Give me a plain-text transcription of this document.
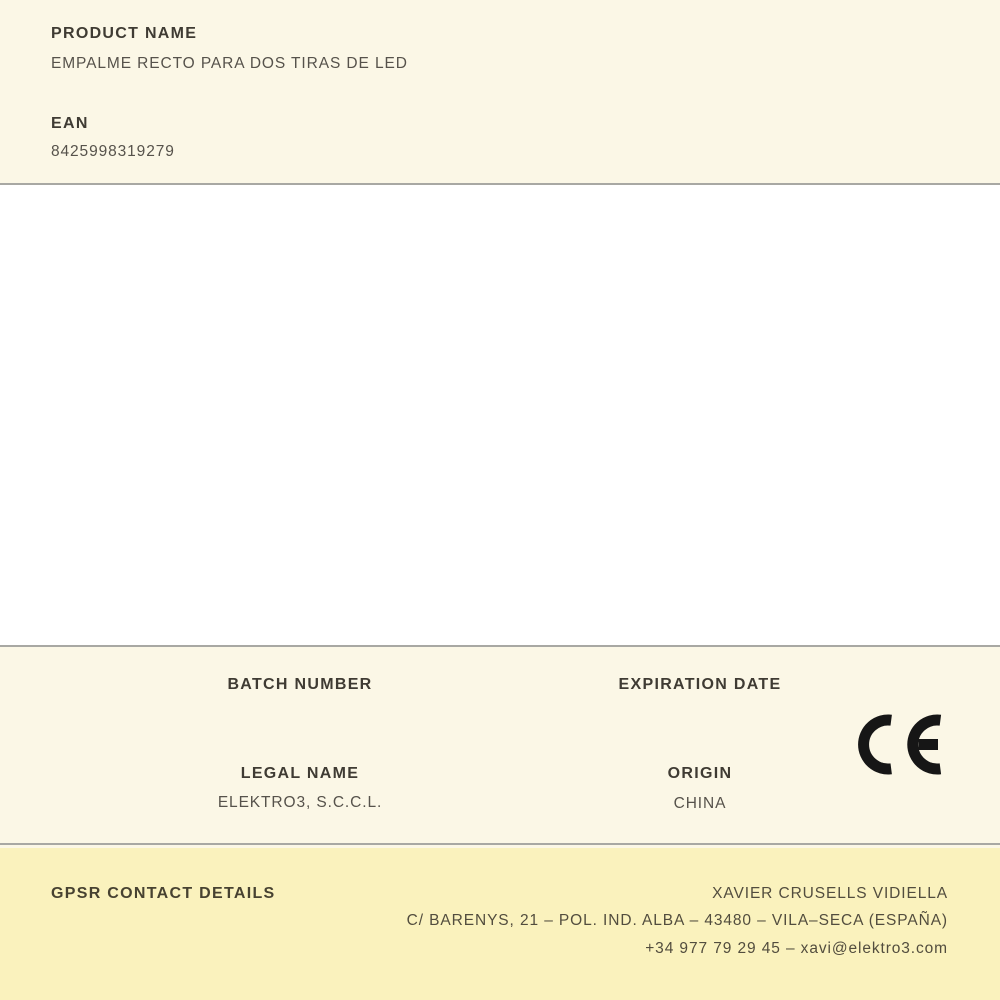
PRODUCT NAME
EMPALME RECTO PARA DOS TIRAS DE LED
EAN
8425998319279
BATCH NUMBER	EXPIRATION DATE
LEGAL NAME
ELEKTRO3, S.C.C.L.
ORIGIN
CHINA
GPSR CONTACT DETAILS	XAVIER CRUSELLS VIDIELLA
C/ BARENYS, 21 – POL. IND. ALBA – 43480 – VILA–SECA (ESPAÑA)
+34 977 79 29 45 – xavi@elektro3.com
